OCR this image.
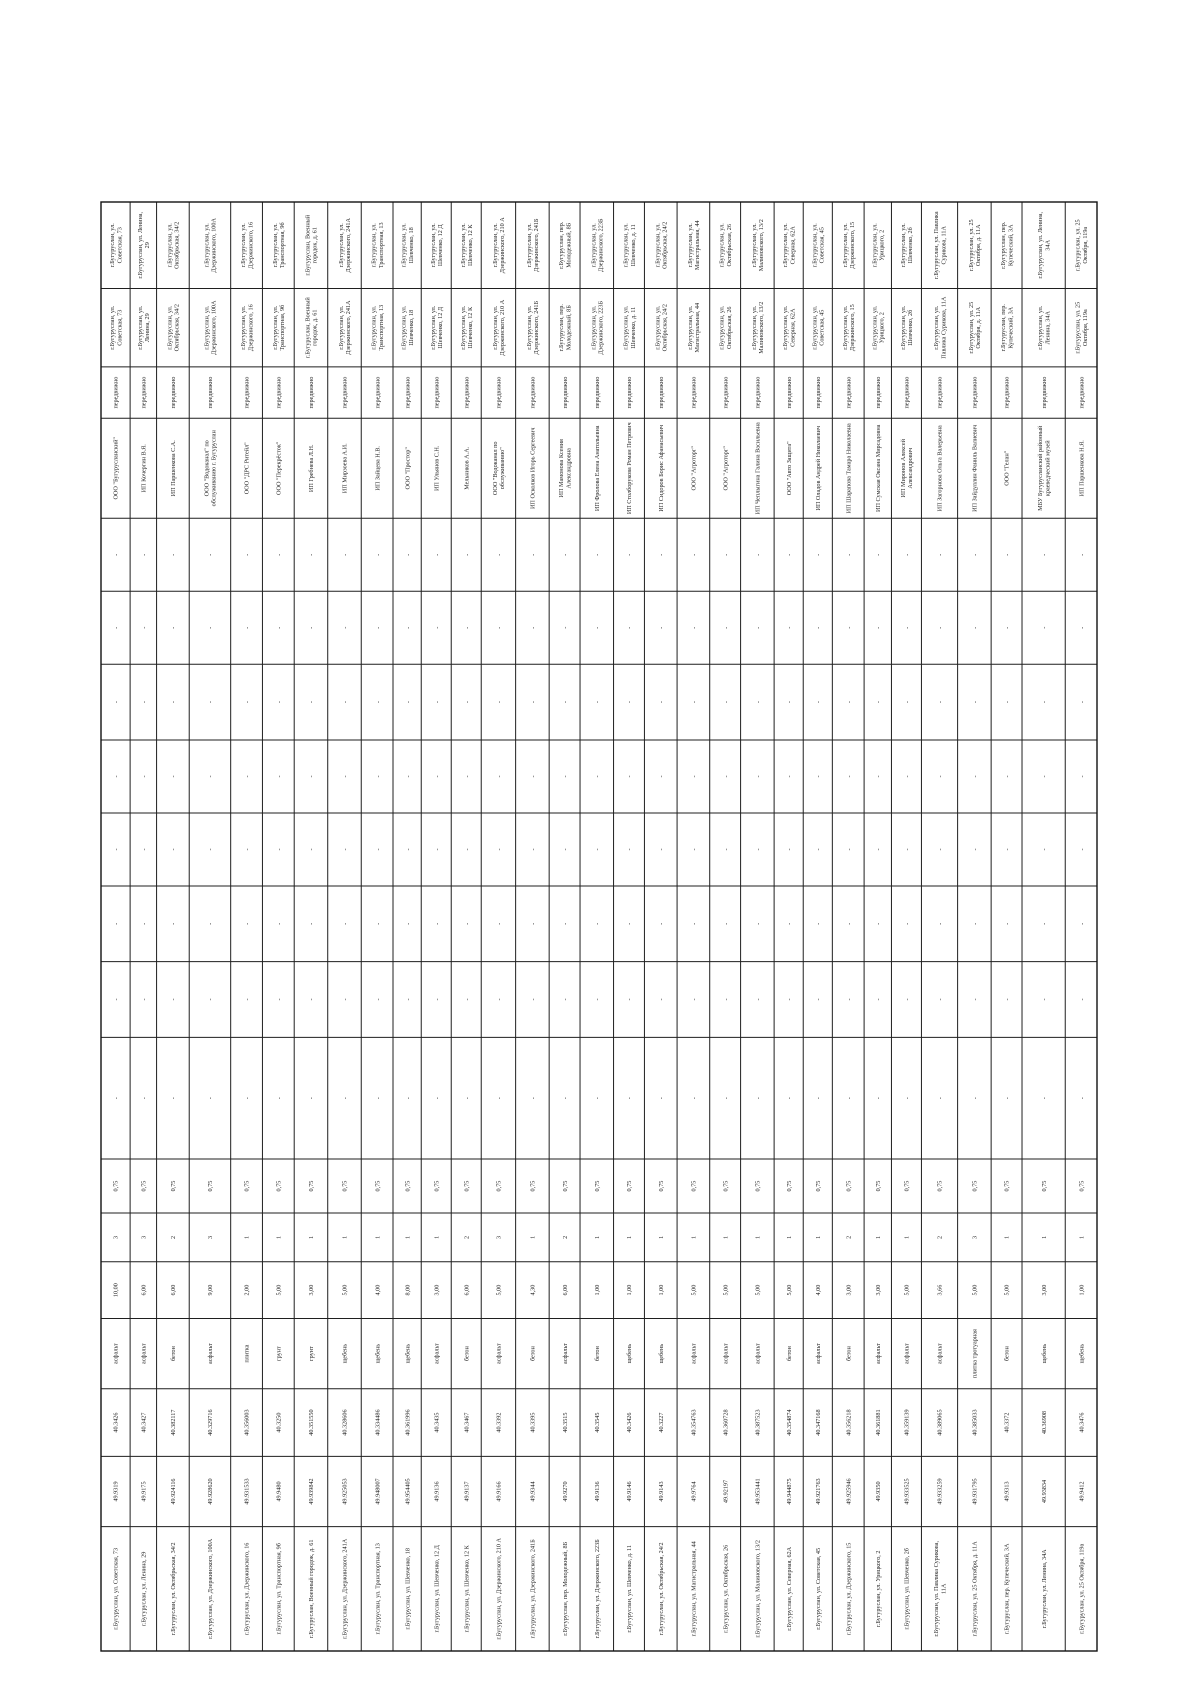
г.Бугуруслан, ул. Советская, 73
49.9319
40.3426
асфальт
10,00
3
0,75
-
-
-
-
-
-
-
-
ООО "Бугурусланский"
передвижно
г.Бугуруслан, ул.Советская, 73
г.Бугуруслан, ул.Советская, 73
г.Бугуруслан, ул. Ленина, 29
49.9175
40.3427
асфальт
6,00
3
0,75
-
-
-
-
-
-
-
-
ИП Кочергин В.Я.
передвижно
г.Бугуруслан, ул.Ленина, 29
г.Бугуруслан, ул. Ленина,29
г.Бугуруслан, ул. Октябрьская, 34/2
49.924116
40.382117
бетон
6,00
2
0,75
-
-
-
-
-
-
-
-
ИП Паршенкова С.А.
передвижно
г.Бугуруслан, ул.Октябрьская, 34/2
г.Бугуруслан, ул.Октябрьская, 34/2
г.Бугуруслан, ул. Дзержинского, 100А
49.928620
40.329716
асфальт
9,00
3
0,75
-
-
-
-
-
-
-
-
ООО "Водоканал" пообслуживанию г. Бугуруслан
передвижно
г.Бугуруслан, ул.Дзержинского, 100А
г.Бугуруслан, ул.Дзержинского, 100А
г.Бугуруслан, ул. Дзержинского, 16
49.931533
40.356003
плитка
2,00
1
0,75
-
-
-
-
-
-
-
-
ООО "ДРС Ритейл"
передвижно
г.Бугуруслан, ул.Дзержинского, 16
г.Бугуруслан, ул.Дзержинского, 16
г.Бугуруслан, ул. Транспортная, 9б
49.9480
40.3250
грунт
5,00
1
0,75
-
-
-
-
-
-
-
-
ООО "Перекрёсток"
передвижно
г.Бугуруслан, ул.Транспортная, 9б
г.Бугуруслан, ул.Транспортная, 9б
г.Бугуруслан, Военный городок, д. 61
49.939842
40.351550
грунт
3,00
1
0,75
-
-
-
-
-
-
-
-
ИП Гребнева Л.Н.
передвижно
г.Бугуруслан, Военныйгородок, д. 61
г.Бугуруслан, Военныйгородок, д. 61
г.Бугуруслан, ул. Дзержинского, 241А
49.925053
40.328606
щебень
5,00
1
0,75
-
-
-
-
-
-
-
-
ИП Мирзоева А.И.
передвижно
г.Бугуруслан, ул.Дзержинского, 241А
г.Бугуруслан, ул.Дзержинского, 241А
г.Бугуруслан, ул. Транспортная, 13
49.948007
40.334486
щебень
4,00
1
0,75
-
-
-
-
-
-
-
-
ИП Зайцева Н.В.
передвижно
г.Бугуруслан, ул.Транспортная, 13
г.Бугуруслан, ул.Транспортная, 13
г.Бугуруслан, ул. Шевченко, 18
49.954405
40.361996
щебень
8,00
1
0,75
-
-
-
-
-
-
-
-
ООО "Простор"
передвижно
г.Бугуруслан, ул.Шевченко, 18
г.Бугуруслан, ул.Шевченко, 18
г.Бугуруслан, ул. Шевченко, 12 Д
49.9136
40.3435
асфальт
3,00
1
0,75
-
-
-
-
-
-
-
-
ИП Ульянов С.Н.
передвижно
г.Бугуруслан, ул.Шевченко, 12 Д
г.Бугуруслан, ул.Шевченко, 12 Д
г.Бугуруслан, ул. Шевченко, 12 К
49.9137
40.3467
бетон
6,00
2
0,75
-
-
-
-
-
-
-
-
Мельников А.А.
передвижно
г.Бугуруслан, ул.Шевченко, 12 К
г.Бугуруслан, ул.Шевченко, 12 К
г.Бугуруслан, ул. Дзержинского, 210 А
49.9166
40.3392
асфальт
5,00
3
0,75
-
-
-
-
-
-
-
-
ООО "Водоканал пообслуживанию"
передвижно
г.Бугуруслан, ул.Дзержинского, 210 А
г.Бугуруслан, ул.Дзержинского, 210 А
г.Бугуруслан, ул. Дзержинского, 241Б
49.9344
40.3395
бетон
4,30
1
0,75
-
-
-
-
-
-
-
-
ИП Осколков Игорь Сергеевич
передвижно
г.Бугуруслан, ул.Дзержинского, 241Б
г.Бугуруслан, ул.Дзержинского, 241Б
г.Бугуруслан, пер. Молодежный, 8Б
49.9270
40.3515
асфальт
6,00
2
0,75
-
-
-
-
-
-
-
-
ИП Мамонова КсенияАлександровна
передвижно
г.Бугуруслан, пер.Молодежный, 8Б
г.Бугуруслан, пер.Молодежный, 8Б
г.Бугуруслан, ул. Дзержинского, 223Б
49.9136
40.3545
бетон
1,00
1
0,75
-
-
-
-
-
-
-
-
ИП Фролова Елена Анатольевна
передвижно
г.Бугуруслан, ул.Дзержинского, 223Б
г.Бугуруслан, ул.Дзержинского, 223Б
г.Бугуруслан, ул. Шевченко, д. 11
49.9146
40.3426
щебень
1,00
1
0,75
-
-
-
-
-
-
-
-
ИП Столборукова Роман Петрович
передвижно
г.Бугуруслан, ул.Шевченко, д. 11
г.Бугуруслан, ул.Шевченко, д. 11
г.Бугуруслан, ул. Октябрьская, 24/2
49.9143
40.3227
щебень
1,00
1
0,75
-
-
-
-
-
-
-
-
ИП Сидоров Борис Афанасьевич
передвижно
г.Бугуруслан, ул.Октябрьская, 24/2
г.Бугуруслан, ул.Октябрьская, 24/2
г.Бугуруслан, ул. Магистральная, 44
49.9764
40.354763
асфальт
5,00
1
0,75
-
-
-
-
-
-
-
-
ООО "Агроторг"
передвижно
г.Бугуруслан, ул.Магистральная, 44
г.Бугуруслан, ул.Магистральная, 44
г.Бугуруслан, ул. Октябрьская, 26
49.92197
40.360728
асфальт
5,00
1
0,75
-
-
-
-
-
-
-
-
ООО "Агроторг"
передвижно
г.Бугуруслан, ул.Октябрьская, 26
г.Бугуруслан, ул.Октябрьская, 26
г.Бугуруслан, ул. Малиновского, 13/2
49.953441
40.387523
асфальт
5,00
1
0,75
-
-
-
-
-
-
-
-
ИП Чеплыгина Галина Васильевна
передвижно
г.Бугуруслан, ул.Малиновского, 13/2
г.Бугуруслан, ул.Малиновского, 13/2
г.Бугуруслан, ул. Северная, 62А
49.944875
40.354874
бетон
5,00
1
0,75
-
-
-
-
-
-
-
-
ООО "Авто Защита"
передвижно
г.Бугуруслан, ул.Северная, 62А
г.Бугуруслан, ул.Северная, 62А
г.Бугуруслан, ул. Советская, 45
49.921763
40.347168
асфальт
4,00
1
0,75
-
-
-
-
-
-
-
-
ИП Оладов Андрей Николаевич
передвижно
г.Бугуруслан, ул.Советская, 45
г.Бугуруслан, ул.Советская, 45
г.Бугуруслан, ул. Дзержинского, 15
49.925946
40.356218
бетон
3,00
2
0,75
-
-
-
-
-
-
-
-
ИП Шарапова Тамара Николаевна
передвижно
г.Бугуруслан, ул.Дзержинского, 15
г.Бугуруслан, ул.Дзержинского, 15
г.Бугуруслан, ул. Урицкого, 2
49.9350
40.361881
асфальт
3,00
1
0,75
-
-
-
-
-
-
-
-
ИП Сумская Оксана Мирсадовна
передвижно
г.Бугуруслан, ул.Урицкого, 2
г.Бугуруслан, ул.Урицкого, 2
г.Бугуруслан, ул. Шевченко, 2б
49.933525
40.359139
асфальт
5,00
1
0,75
-
-
-
-
-
-
-
-
ИП Миронов АлексейАлександрович
передвижно
г.Бугуруслан, ул.Шевченко, 2б
г.Бугуруслан, ул.Шевченко, 2б
г.Бугуруслан, ул. Павлика Сурикова,11А
49.933259
40.389065
асфальт
3,66
2
0,75
-
-
-
-
-
-
-
-
ИП Загорнова Ольга Валерьевна
передвижно
г.Бугуруслан, ул.Павлика Сурикова, 11А
г.Бугуруслан, ул. ПавликаСурикова, 11А
г.Бугуруслан, ул. 25 Октября, д. 11А
49.931795
40.385033
плитка тротуарная
5,00
3
0,75
-
-
-
-
-
-
-
-
ИП Зайдуллин Фаниль Валиевич
передвижно
г.Бугуруслан, ул. 25Октября, д. 11А
г.Бугуруслан, ул. 25Октября, д. 11А
г.Бугуруслан, пер. Купеческий, 3А
49.9313
40.3372
бетон
5,00
1
0,75
-
-
-
-
-
-
-
-
ООО "Гелан"
передвижно
г.Бугуруслан, пер.Купеческий, 3А
г.Бугуруслан, пер.Купеческий, 3А
г.Бугуруслан, ул. Ленина, 34А
49.93834
40.36908
щебень
3,00
1
0,75
-
-
-
-
-
-
-
-
МБУ Бугурусланский районныйкраеведческий музей
передвижно
г.Бугуруслан, ул.Ленина, 34А
г.Бугуруслан, ул. Ленина,34А
г.Бугуруслан, ул. 25 Октября, 119а
49.9412
40.3476
щебень
1,00
1
0,75
-
-
-
-
-
-
-
-
ИП Паршенкова Н.Я.
передвижно
г.Бугуруслан, ул. 25Октября, 119а
г.Бугуруслан, ул. 25Октября, 119а
